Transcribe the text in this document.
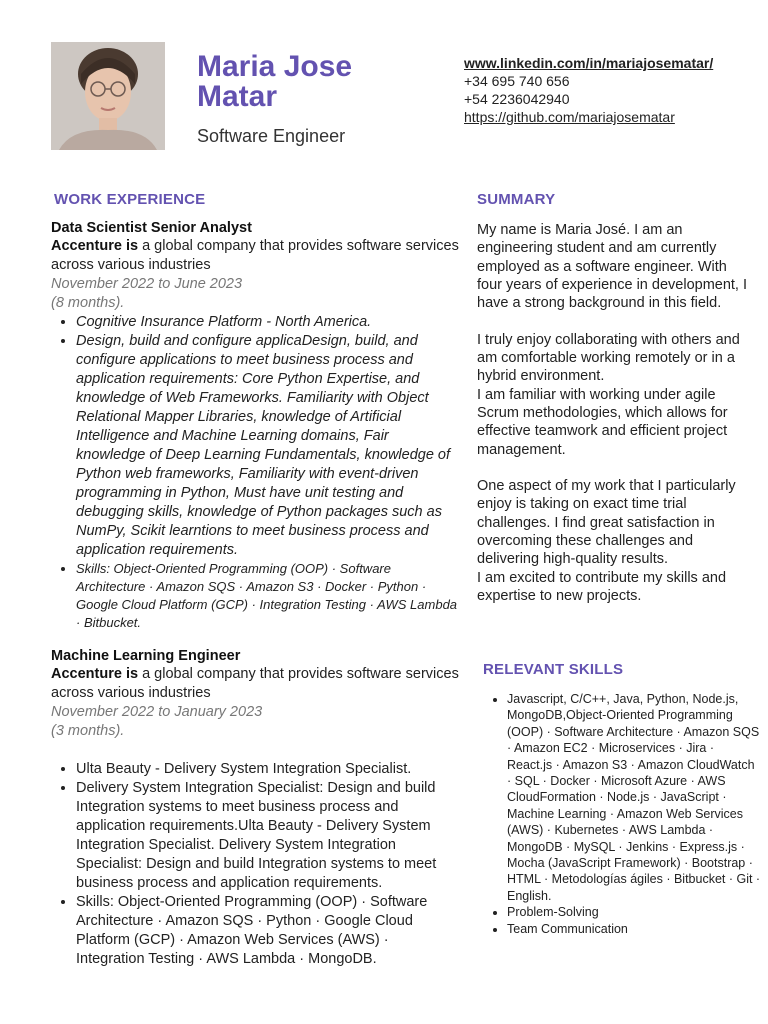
Maria Jose
Matar
Software Engineer
www.linkedin.com/in/mariajosematar/
+34 695 740 656
+54 2236042940
https://github.com/mariajosematar
WORK EXPERIENCE
Data Scientist Senior Analyst
Accenture is a global company that provides software services across various industries
November 2022 to June 2023
(8 months).
• Cognitive Insurance Platform - North America.
• Design, build and configure applicaDesign, build, and configure applications to meet business process and application requirements: Core Python Expertise, and knowledge of Web Frameworks. Familiarity with Object Relational Mapper Libraries, knowledge of Artificial Intelligence and Machine Learning domains, Fair knowledge of Deep Learning Fundamentals, knowledge of Python web frameworks, Familiarity with event-driven programming in Python, Must have unit testing and debugging skills, knowledge of Python packages such as NumPy, Scikit learntions to meet business process and application requirements.
• Skills: Object-Oriented Programming (OOP) · Software Architecture · Amazon SQS · Amazon S3 · Docker · Python · Google Cloud Platform (GCP) · Integration Testing · AWS Lambda · Bitbucket.
Machine Learning Engineer
Accenture is a global company that provides software services across various industries
November 2022 to January 2023
(3 months).
• Ulta Beauty - Delivery System Integration Specialist.
• Delivery System Integration Specialist: Design and build Integration systems to meet business process and application requirements.Ulta Beauty - Delivery System Integration Specialist. Delivery System Integration Specialist: Design and build Integration systems to meet business process and application requirements.
• Skills: Object-Oriented Programming (OOP) · Software Architecture · Amazon SQS · Python · Google Cloud Platform (GCP) · Amazon Web Services (AWS) · Integration Testing · AWS Lambda · MongoDB.
SUMMARY

My name is Maria José. I am an engineering student and am currently employed as a software engineer. With four years of experience in development, I have a strong background in this field.

I truly enjoy collaborating with others and am comfortable working remotely or in a hybrid environment.

I am familiar with working under agile Scrum methodologies, which allows for effective teamwork and efficient project management.

One aspect of my work that I particularly enjoy is taking on exact time trial challenges. I find great satisfaction in overcoming these challenges and delivering high-quality results.

I am excited to contribute my skills and expertise to new projects.

RELEVANT SKILLS
• Javascript, C/C++, Java, Python, Node.js, MongoDB,Object-Oriented Programming (OOP) · Software Architecture · Amazon SQS · Amazon EC2 · Microservices · Jira · React.js · Amazon S3 · Amazon CloudWatch · SQL · Docker · Microsoft Azure · AWS CloudFormation · Node.js · JavaScript · Machine Learning · Amazon Web Services (AWS) · Kubernetes · AWS Lambda · MongoDB · MySQL · Jenkins · Express.js · Mocha (JavaScript Framework) · Bootstrap · HTML · Metodologías ágiles · Bitbucket · Git · English.
• Problem-Solving
• Team Communication
